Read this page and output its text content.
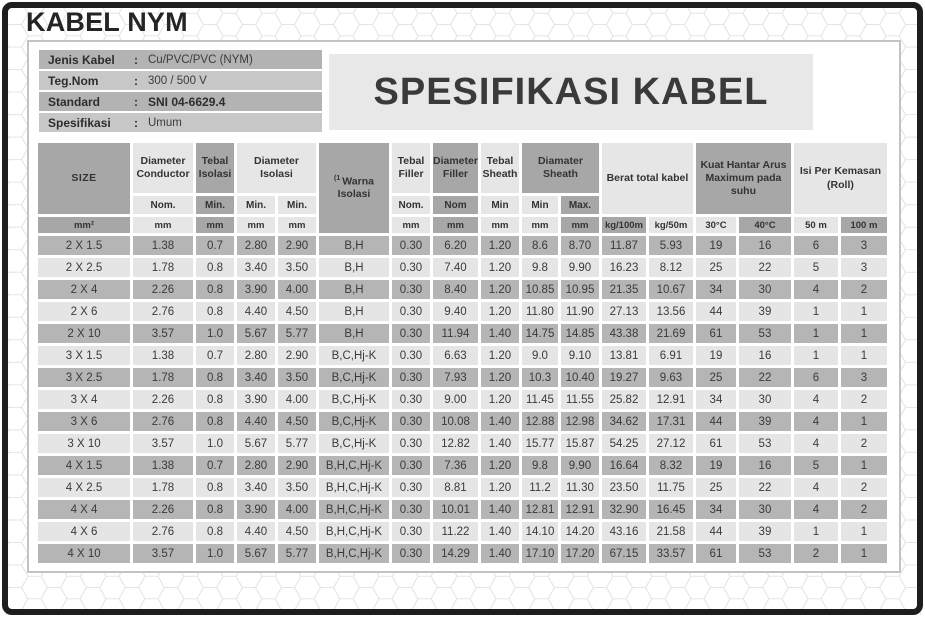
KABEL NYM
Jenis Kabel	: Cu/PVC/PVC (NYM)
Teg.Nom	: 300 / 500 V
Standard	: SNI 04-6629.4
Spesifikasi	: Umum
SPESIFIKASI KABEL
SIZE	Diameter Conductor	Tebal Isolasi	Diameter Isolasi		$^{(1}$ Warna Isolasi	Tebal Filler	Diameter Filler	Tebal Sheath	Diamater Sheath		Berat total kabel		Kuat Hantar Arus Maximum pada suhu		Isi Per Kemasan
(Roll)	

	Nom.	Min.	Min.	Min.		Nom.	Nom	Min	Min	Max.						
mm²	mm	mm	mm	mm		mm	mm	mm	mm	mm	kg/100m	kg/50m	30°C	40°C	50 m	100 m
2 X 1.5	1.38	0.7	2.80	2.90	B,H	0.30	6.20	1.20	8.6	8.70	11.87	5.93	19	16	6	3
2 X 2.5	1.78	0.8	3.40	3.50	B,H	0.30	7.40	1.20	9.8	9.90	16.23	8.12	25	22	5	3
2 X 4	2.26	0.8	3.90	4.00	B,H	0.30	8.40	1.20	10.85	10.95	21.35	10.67	34	30	4	2
2 X 6	2.76	0.8	4.40	4.50	B,H	0.30	9.40	1.20	11.80	11.90	27.13	13.56	44	39	1	1
2 X 10	3.57	1.0	5.67	5.77	B,H	0.30	11.94	1.40	14.75	14.85	43.38	21.69	61	53	1	1
3 X 1.5	1.38	0.7	2.80	2.90	B,C,Hj-K	0.30	6.63	1.20	9.0	9.10	13.81	6.91	19	16	1	1
3 X 2.5	1.78	0.8	3.40	3.50	B,C,Hj-K	0.30	7.93	1.20	10.3	10.40	19.27	9.63	25	22	6	3
3 X 4	2.26	0.8	3.90	4.00	B,C,Hj-K	0.30	9.00	1.20	11.45	11.55	25.82	12.91	34	30	4	2
3 X 6	2.76	0.8	4.40	4.50	B,C,Hj-K	0.30	10.08	1.40	12.88	12.98	34.62	17.31	44	39	4	1
3 X 10	3.57	1.0	5.67	5.77	B,C,Hj-K	0.30	12.82	1.40	15.77	15.87	54.25	27.12	61	53	4	2
4 X 1.5	1.38	0.7	2.80	2.90	B,H,C,Hj-K	0.30	7.36	1.20	9.8	9.90	16.64	8.32	19	16	5	1
4 X 2.5	1.78	0.8	3.40	3.50	B,H,C,Hj-K	0.30	8.81	1.20	11.2	11.30	23.50	11.75	25	22	4	2
4 X 4	2.26	0.8	3.90	4.00	B,H,C,Hj-K	0.30	10.01	1.40	12.81	12.91	32.90	16.45	34	30	4	2
4 X 6	2.76	0.8	4.40	4.50	B,H,C,Hj-K	0.30	11.22	1.40	14.10	14.20	43.16	21.58	44	39	1	1
4 X 10	3.57	1.0	5.67	5.77	B,H,C,Hj-K	0.30	14.29	1.40	17.10	17.20	67.15	33.57	61	53	2	1
